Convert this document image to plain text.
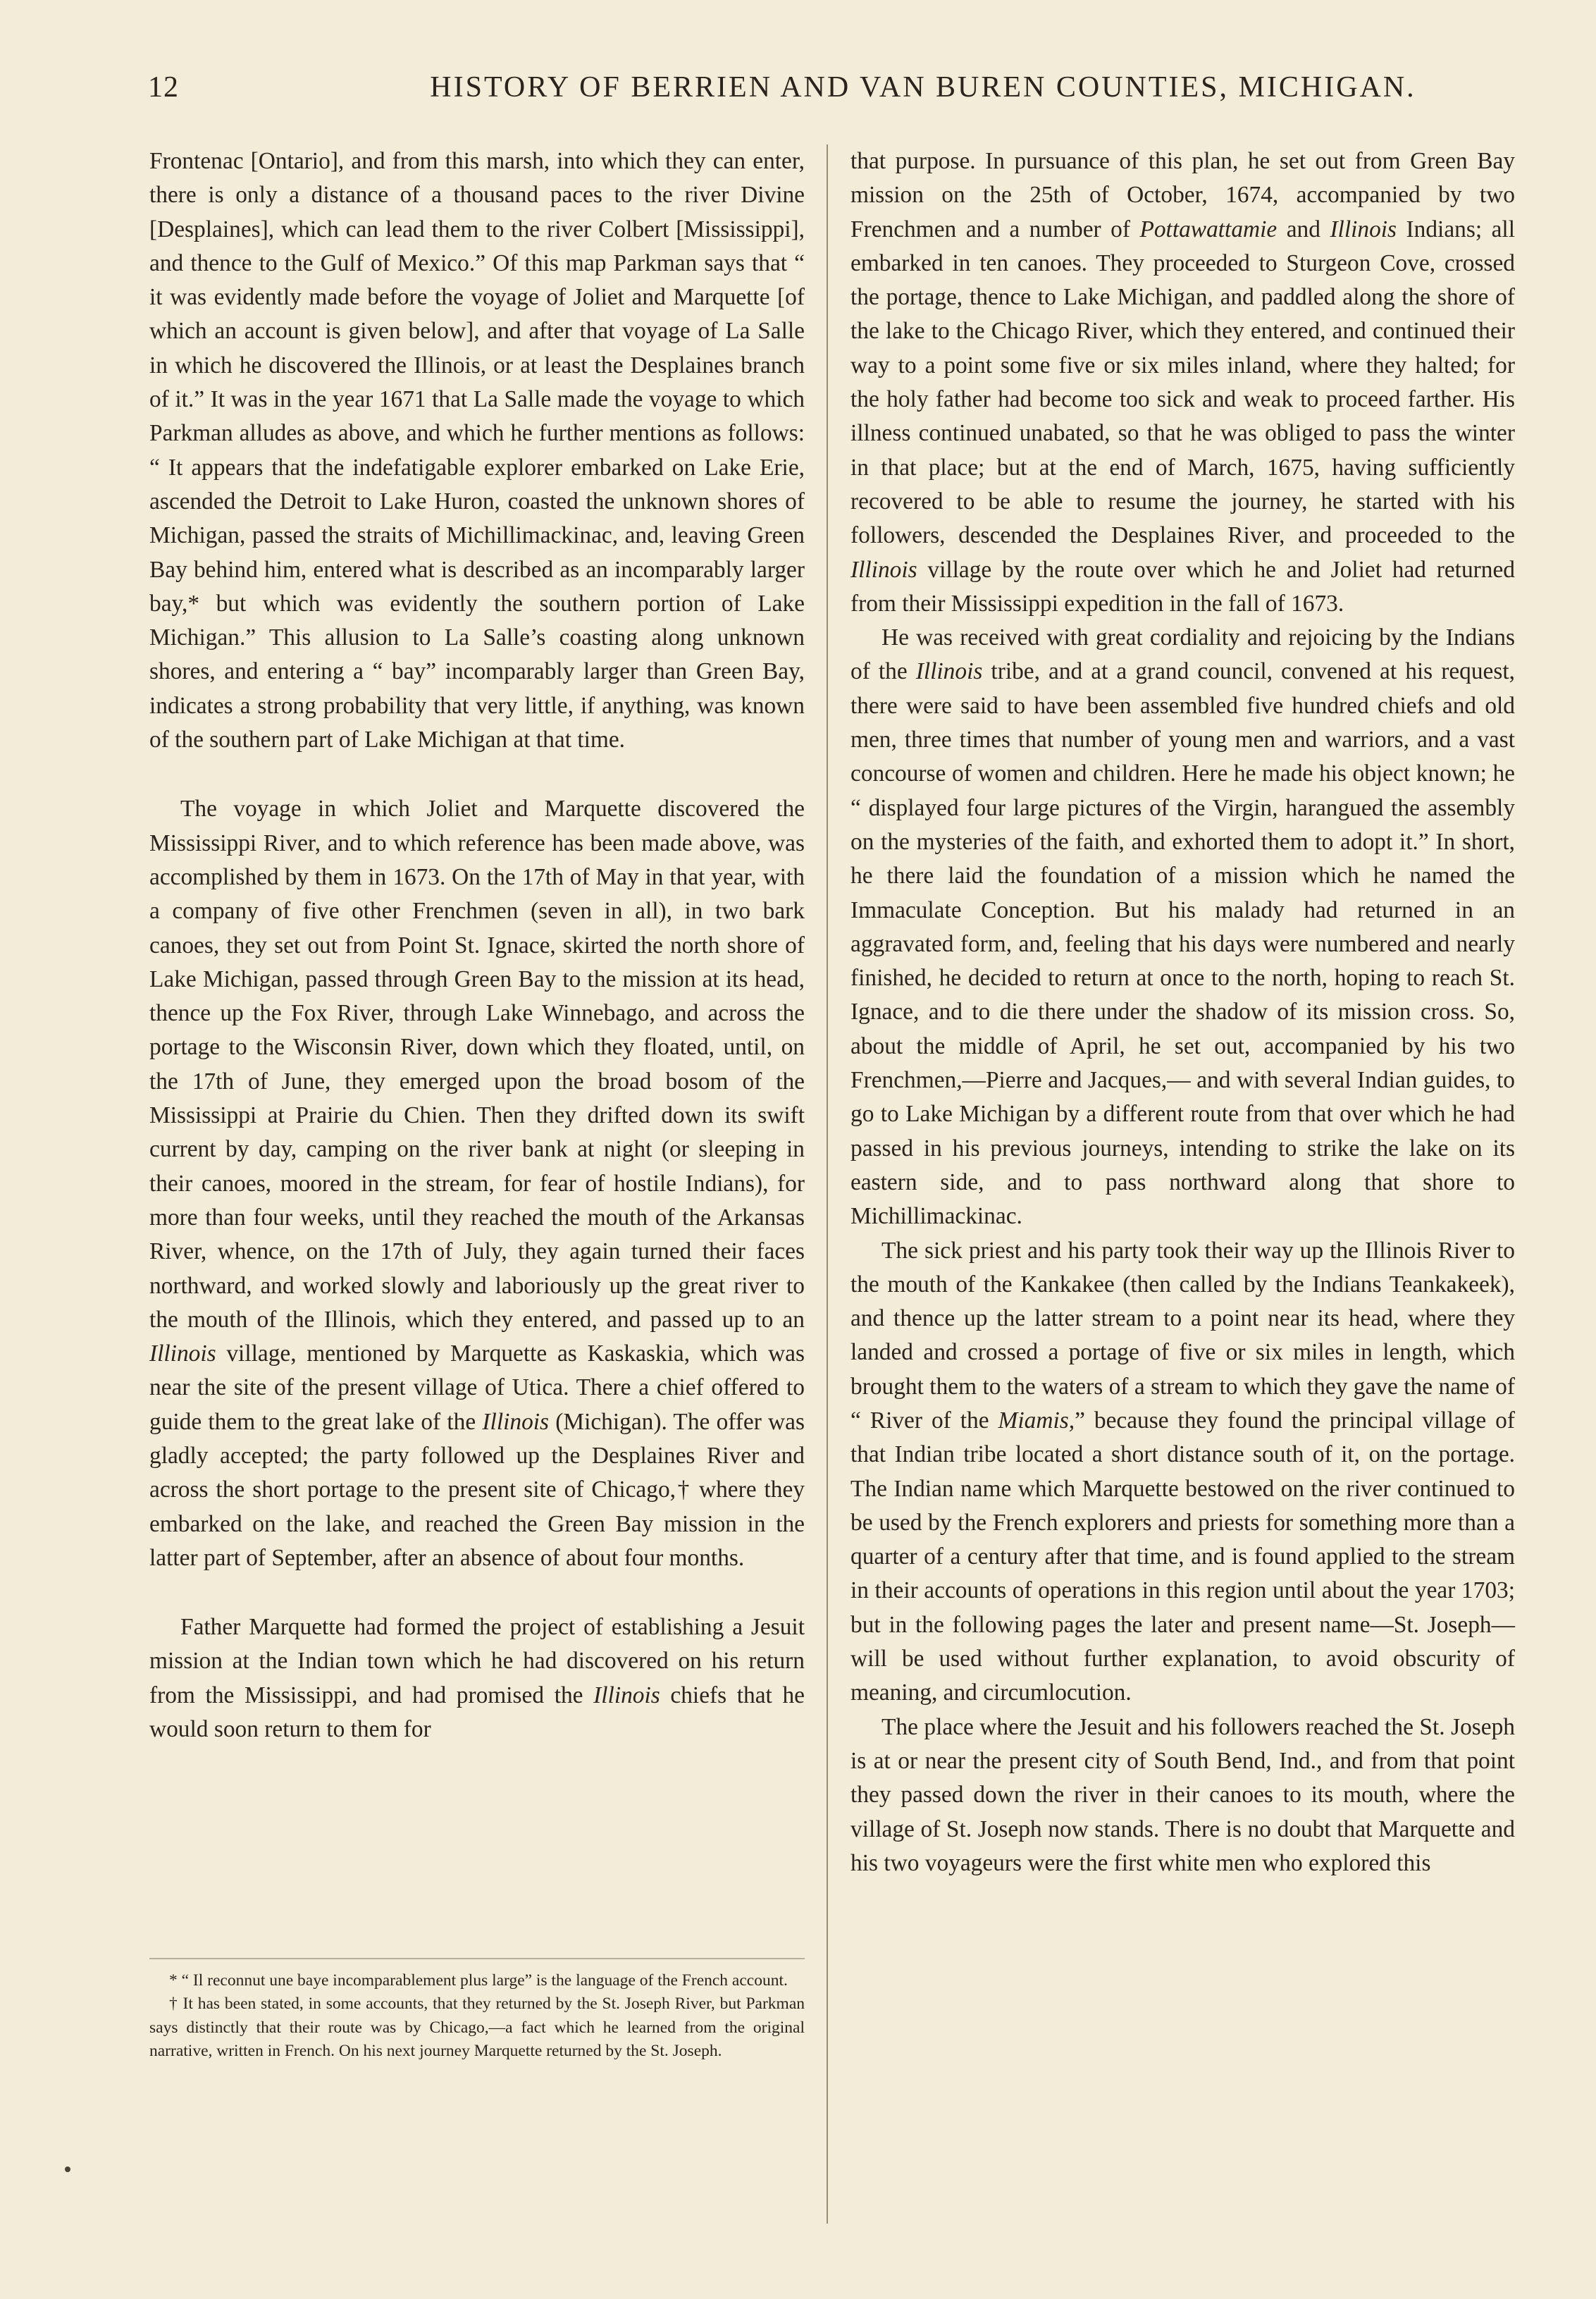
12	HISTORY OF BERRIEN AND VAN BUREN COUNTIES, MICHIGAN.

Frontenac [Ontario], and from this marsh, into which they can enter, there is only a distance of a thousand paces to the river Divine [Desplaines], which can lead them to the river Colbert [Mississippi], and thence to the Gulf of Mexico.” Of this map Parkman says that “ it was evidently made before the voyage of Joliet and Marquette [of which an account is given below], and after that voyage of La Salle in which he discovered the Illinois, or at least the Desplaines branch of it.” It was in the year 1671 that La Salle made the voyage to which Parkman alludes as above, and which he further mentions as follows: “ It appears that the indefatigable explorer embarked on Lake Erie, ascended the Detroit to Lake Huron, coasted the unknown shores of Michigan, passed the straits of Michillimackinac, and, leaving Green Bay behind him, entered what is described as an incomparably larger bay,* but which was evidently the southern portion of Lake Michigan.” This allusion to La Salle’s coasting along unknown shores, and entering a “ bay” incomparably larger than Green Bay, indicates a strong probability that very little, if anything, was known of the southern part of Lake Michigan at that time.

The voyage in which Joliet and Marquette discovered the Mississippi River, and to which reference has been made above, was accomplished by them in 1673. On the 17th of May in that year, with a company of five other Frenchmen (seven in all), in two bark canoes, they set out from Point St. Ignace, skirted the north shore of Lake Michigan, passed through Green Bay to the mission at its head, thence up the Fox River, through Lake Winnebago, and across the portage to the Wisconsin River, down which they floated, until, on the 17th of June, they emerged upon the broad bosom of the Mississippi at Prairie du Chien. Then they drifted down its swift current by day, camping on the river bank at night (or sleeping in their canoes, moored in the stream, for fear of hostile Indians), for more than four weeks, until they reached the mouth of the Arkansas River, whence, on the 17th of July, they again turned their faces northward, and worked slowly and laboriously up the great river to the mouth of the Illinois, which they entered, and passed up to an Illinois village, mentioned by Marquette as Kaskaskia, which was near the site of the present village of Utica. There a chief offered to guide them to the great lake of the Illinois (Michigan). The offer was gladly accepted; the party followed up the Desplaines River and across the short portage to the present site of Chicago,† where they embarked on the lake, and reached the Green Bay mission in the latter part of September, after an absence of about four months.

Father Marquette had formed the project of establishing a Jesuit mission at the Indian town which he had discovered on his return from the Mississippi, and had promised the Illinois chiefs that he would soon return to them for

* “ Il reconnut une baye incomparablement plus large” is the language of the French account.

† It has been stated, in some accounts, that they returned by the St. Joseph River, but Parkman says distinctly that their route was by Chicago,—a fact which he learned from the original narrative, written in French. On his next journey Marquette returned by the St. Joseph.

that purpose. In pursuance of this plan, he set out from Green Bay mission on the 25th of October, 1674, accompanied by two Frenchmen and a number of Pottawattamie and Illinois Indians; all embarked in ten canoes. They proceeded to Sturgeon Cove, crossed the portage, thence to Lake Michigan, and paddled along the shore of the lake to the Chicago River, which they entered, and continued their way to a point some five or six miles inland, where they halted; for the holy father had become too sick and weak to proceed farther. His illness continued unabated, so that he was obliged to pass the winter in that place; but at the end of March, 1675, having sufficiently recovered to be able to resume the journey, he started with his followers, descended the Desplaines River, and proceeded to the Illinois village by the route over which he and Joliet had returned from their Mississippi expedition in the fall of 1673.

He was received with great cordiality and rejoicing by the Indians of the Illinois tribe, and at a grand council, convened at his request, there were said to have been assembled five hundred chiefs and old men, three times that number of young men and warriors, and a vast concourse of women and children. Here he made his object known; he “ displayed four large pictures of the Virgin, harangued the assembly on the mysteries of the faith, and exhorted them to adopt it.” In short, he there laid the foundation of a mission which he named the Immaculate Conception. But his malady had returned in an aggravated form, and, feeling that his days were numbered and nearly finished, he decided to return at once to the north, hoping to reach St. Ignace, and to die there under the shadow of its mission cross. So, about the middle of April, he set out, accompanied by his two Frenchmen,—Pierre and Jacques,— and with several Indian guides, to go to Lake Michigan by a different route from that over which he had passed in his previous journeys, intending to strike the lake on its eastern side, and to pass northward along that shore to Michillimackinac.

The sick priest and his party took their way up the Illinois River to the mouth of the Kankakee (then called by the Indians Teankakeek), and thence up the latter stream to a point near its head, where they landed and crossed a portage of five or six miles in length, which brought them to the waters of a stream to which they gave the name of “ River of the Miamis,” because they found the principal village of that Indian tribe located a short distance south of it, on the portage. The Indian name which Marquette bestowed on the river continued to be used by the French explorers and priests for something more than a quarter of a century after that time, and is found applied to the stream in their accounts of operations in this region until about the year 1703; but in the following pages the later and present name—St. Joseph—will be used without further explanation, to avoid obscurity of meaning, and circumlocution.

The place where the Jesuit and his followers reached the St. Joseph is at or near the present city of South Bend, Ind., and from that point they passed down the river in their canoes to its mouth, where the village of St. Joseph now stands. There is no doubt that Marquette and his two voyageurs were the first white men who explored this
